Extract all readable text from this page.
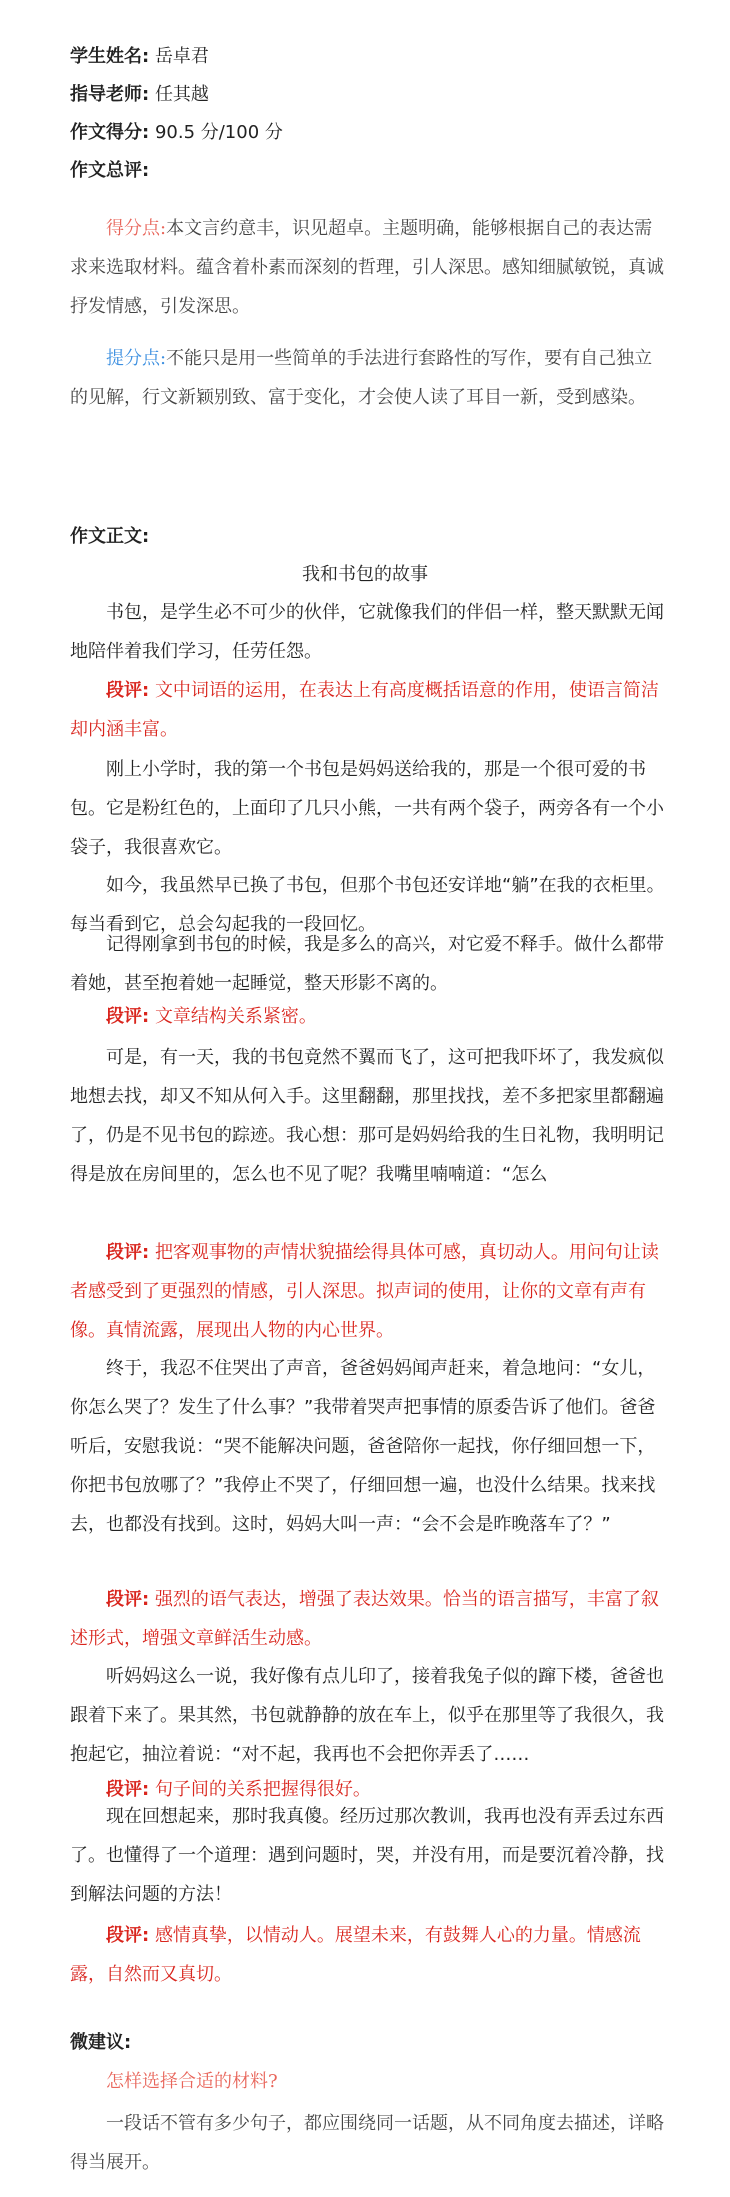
学生姓名: 岳卓君
指导老师: 任其越
作文得分: 90.5 分/100 分
作文总评:

得分点:本文言约意丰，识见超卓。主题明确，能够根据自己的表达需求来选取材料。蕴含着朴素而深刻的哲理，引人深思。感知细腻敏锐，真诚抒发情感，引发深思。

提分点:不能只是用一些简单的手法进行套路性的写作，要有自己独立的见解，行文新颖别致、富于变化，才会使人读了耳目一新，受到感染。

作文正文:
我和书包的故事

书包，是学生必不可少的伙伴，它就像我们的伴侣一样，整天默默无闻地陪伴着我们学习，任劳任怨。

段评: 文中词语的运用，在表达上有高度概括语意的作用，使语言简洁却内涵丰富。

刚上小学时，我的第一个书包是妈妈送给我的，那是一个很可爱的书包。它是粉红色的，上面印了几只小熊，一共有两个袋子，两旁各有一个小袋子，我很喜欢它。

如今，我虽然早已换了书包，但那个书包还安详地“躺”在我的衣柜里。每当看到它，总会勾起我的一段回忆。

记得刚拿到书包的时候，我是多么的高兴，对它爱不释手。做什么都带着她，甚至抱着她一起睡觉，整天形影不离的。

段评: 文章结构关系紧密。

可是，有一天，我的书包竟然不翼而飞了，这可把我吓坏了，我发疯似地想去找，却又不知从何入手。这里翻翻，那里找找，差不多把家里都翻遍了，仍是不见书包的踪迹。我心想：那可是妈妈给我的生日礼物，我明明记得是放在房间里的，怎么也不见了呢？我嘴里喃喃道：“怎么

段评: 把客观事物的声情状貌描绘得具体可感，真切动人。用问句让读者感受到了更强烈的情感，引人深思。拟声词的使用，让你的文章有声有像。真情流露，展现出人物的内心世界。

终于，我忍不住哭出了声音，爸爸妈妈闻声赶来，着急地问：“女儿，你怎么哭了？发生了什么事？”我带着哭声把事情的原委告诉了他们。爸爸听后，安慰我说：“哭不能解决问题，爸爸陪你一起找，你仔细回想一下，你把书包放哪了？”我停止不哭了，仔细回想一遍，也没什么结果。找来找去，也都没有找到。这时，妈妈大叫一声：“会不会是昨晚落车了？”

段评: 强烈的语气表达，增强了表达效果。恰当的语言描写，丰富了叙述形式，增强文章鲜活生动感。

听妈妈这么一说，我好像有点儿印了，接着我兔子似的蹿下楼，爸爸也跟着下来了。果其然，书包就静静的放在车上，似乎在那里等了我很久，我抱起它，抽泣着说：“对不起，我再也不会把你弄丢了……

段评: 句子间的关系把握得很好。

现在回想起来，那时我真傻。经历过那次教训，我再也没有弄丢过东西了。也懂得了一个道理：遇到问题时，哭，并没有用，而是要沉着冷静，找到解法问题的方法！

段评: 感情真挚，以情动人。展望未来，有鼓舞人心的力量。情感流露，自然而又真切。

微建议:

怎样选择合适的材料?

一段话不管有多少句子，都应围绕同一话题，从不同角度去描述，详略得当展开。
